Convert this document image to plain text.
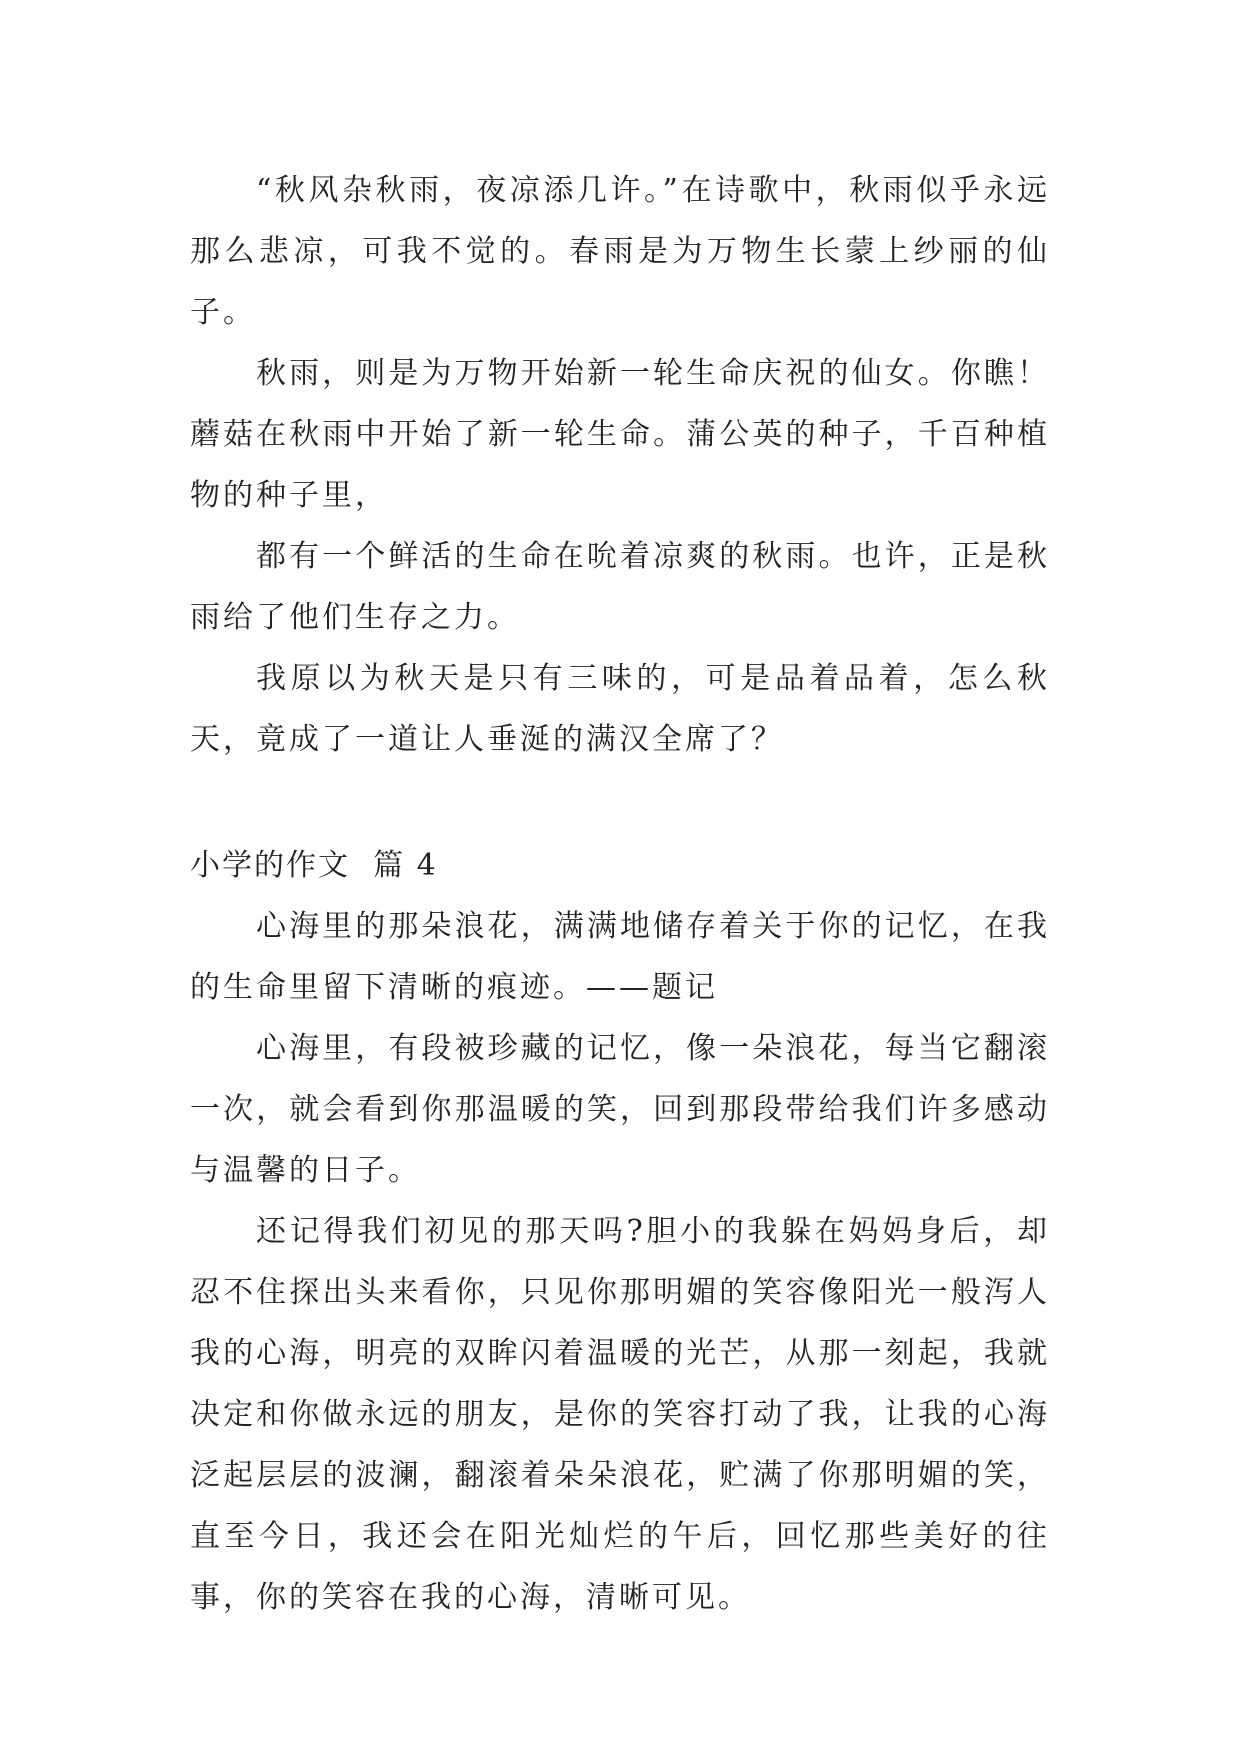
“秋风杂秋雨，夜凉添几许。”在诗歌中，秋雨似乎永远那么悲凉，可我不觉的。春雨是为万物生长蒙上纱丽的仙子。

秋雨，则是为万物开始新一轮生命庆祝的仙女。你瞧！蘑菇在秋雨中开始了新一轮生命。蒲公英的种子，千百种植物的种子里，

都有一个鲜活的生命在吮着凉爽的秋雨。也许，正是秋雨给了他们生存之力。

我原以为秋天是只有三味的，可是品着品着，怎么秋天，竟成了一道让人垂涎的满汉全席了？

小学的作文  篇 4

心海里的那朵浪花，满满地储存着关于你的记忆，在我的生命里留下清晰的痕迹。——题记

心海里，有段被珍藏的记忆，像一朵浪花，每当它翻滚一次，就会看到你那温暖的笑，回到那段带给我们许多感动与温馨的日子。

还记得我们初见的那天吗?胆小的我躲在妈妈身后，却忍不住探出头来看你，只见你那明媚的笑容像阳光一般泻人我的心海，明亮的双眸闪着温暖的光芒，从那一刻起，我就决定和你做永远的朋友，是你的笑容打动了我，让我的心海泛起层层的波澜，翻滚着朵朵浪花，贮满了你那明媚的笑，直至今日，我还会在阳光灿烂的午后，回忆那些美好的往事，你的笑容在我的心海，清晰可见。
